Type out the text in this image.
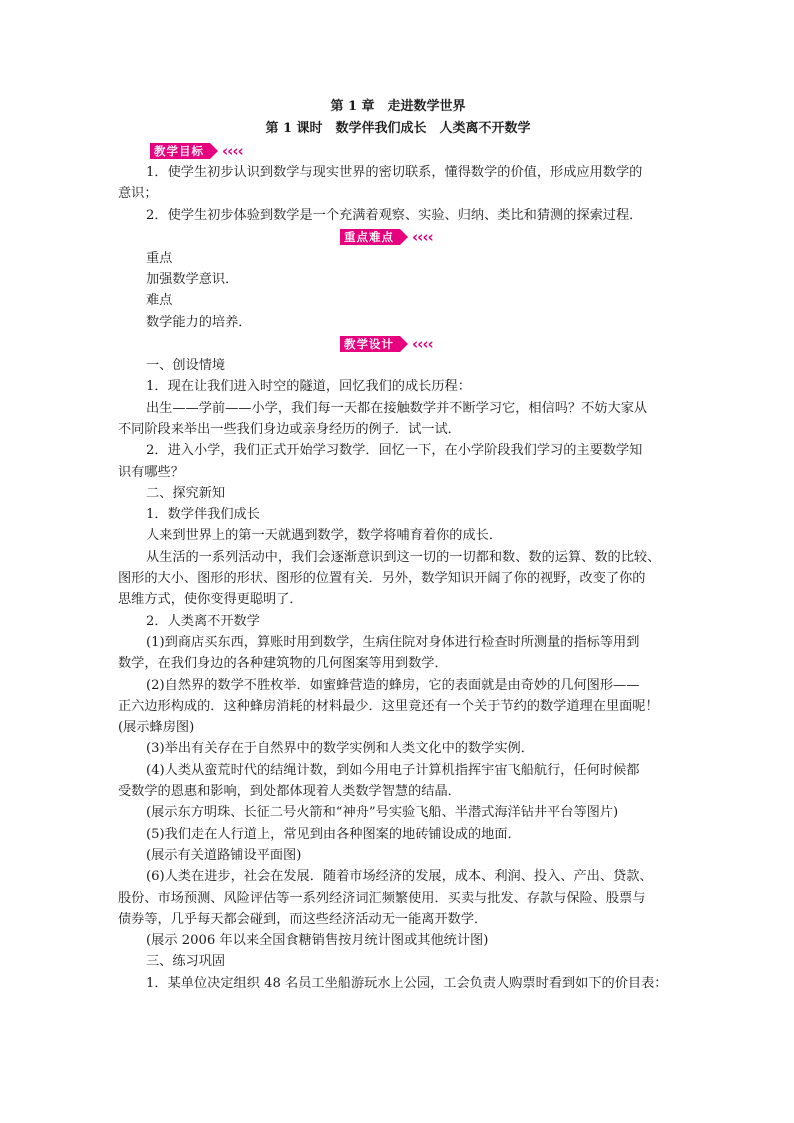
第 1 章　走进数学世界
第 1 课时　数学伴我们成长　人类离不开数学
教学目标	‹‹‹‹
1．使学生初步认识到数学与现实世界的密切联系，懂得数学的价值，形成应用数学的
意识；
2．使学生初步体验到数学是一个充满着观察、实验、归纳、类比和猜测的探索过程．
重点难点	‹‹‹‹
重点
加强数学意识．
难点
数学能力的培养．
教学设计	‹‹‹‹
一、创设情境
1．现在让我们进入时空的隧道，回忆我们的成长历程：
出生——学前——小学，我们每一天都在接触数学并不断学习它，相信吗？不妨大家从
不同阶段来举出一些我们身边或亲身经历的例子．试一试．
2．进入小学，我们正式开始学习数学．回忆一下，在小学阶段我们学习的主要数学知
识有哪些？
二、探究新知
1．数学伴我们成长
人来到世界上的第一天就遇到数学，数学将哺育着你的成长．
从生活的一系列活动中，我们会逐渐意识到这一切的一切都和数、数的运算、数的比较、
图形的大小、图形的形状、图形的位置有关．另外，数学知识开阔了你的视野，改变了你的
思维方式，使你变得更聪明了．
2．人类离不开数学
(1)到商店买东西，算账时用到数学，生病住院对身体进行检查时所测量的指标等用到
数学，在我们身边的各种建筑物的几何图案等用到数学．
(2)自然界的数学不胜枚举．如蜜蜂营造的蜂房，它的表面就是由奇妙的几何图形——
正六边形构成的．这种蜂房消耗的材料最少．这里竟还有一个关于节约的数学道理在里面呢！
(展示蜂房图)
(3)举出有关存在于自然界中的数学实例和人类文化中的数学实例．
(4)人类从蛮荒时代的结绳计数，到如今用电子计算机指挥宇宙飞船航行，任何时候都
受数学的恩惠和影响，到处都体现着人类数学智慧的结晶．
(展示东方明珠、长征二号火箭和“神舟”号实验飞船、半潜式海洋钻井平台等图片)
(5)我们走在人行道上，常见到由各种图案的地砖铺设成的地面．
(展示有关道路铺设平面图)
(6)人类在进步，社会在发展．随着市场经济的发展，成本、利润、投入、产出、贷款、
股份、市场预测、风险评估等一系列经济词汇频繁使用．买卖与批发、存款与保险、股票与
债券等，几乎每天都会碰到，而这些经济活动无一能离开数学．
(展示 2006 年以来全国食糖销售按月统计图或其他统计图)
三、练习巩固
1．某单位决定组织 48 名员工坐船游玩水上公园，工会负责人购票时看到如下的价目表：
